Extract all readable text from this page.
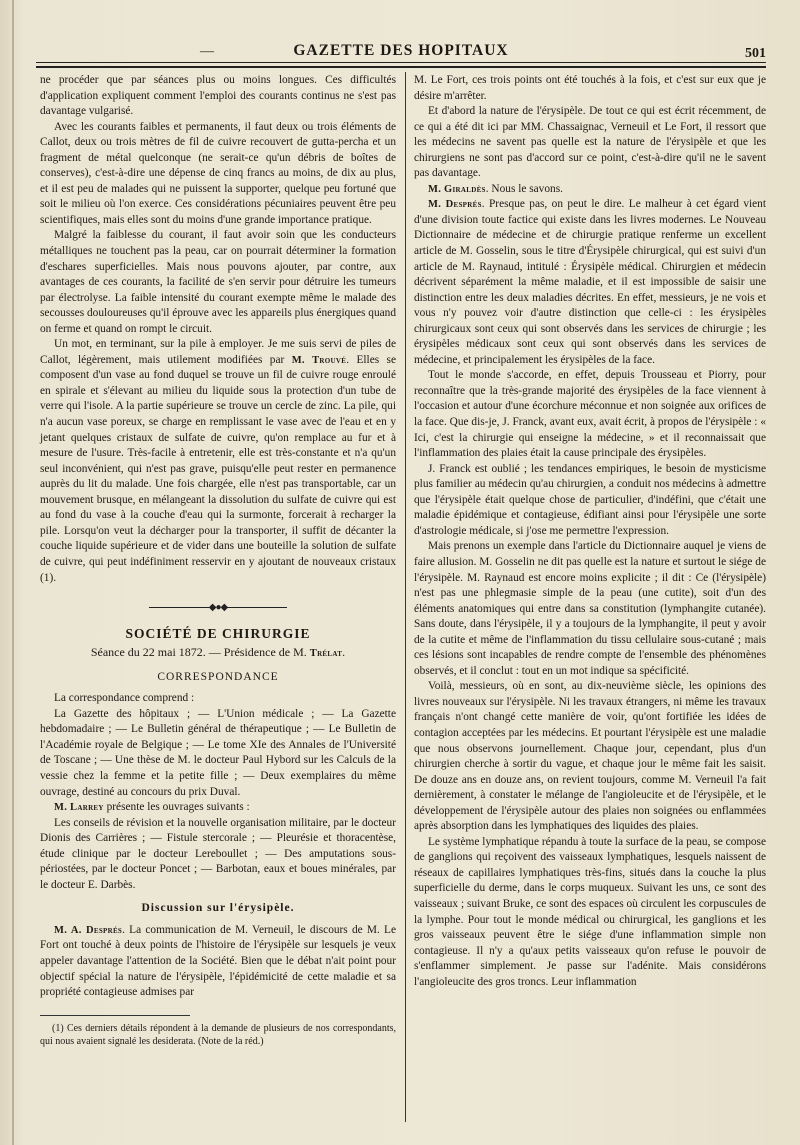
—	GAZETTE DES HOPITAUX	501

ne procéder que par séances plus ou moins longues. Ces difficultés d'application expliquent comment l'emploi des courants continus ne s'est pas davantage vulgarisé.

Avec les courants faibles et permanents, il faut deux ou trois éléments de Callot, deux ou trois mètres de fil de cuivre recouvert de gutta-percha et un fragment de métal quelconque (ne serait-ce qu'un débris de boîtes de conserves), c'est-à-dire une dépense de cinq francs au moins, de dix au plus, et il est peu de malades qui ne puissent la supporter, quelque peu fortuné que soit le milieu où l'on exerce. Ces considérations pécuniaires peuvent être peu scientifiques, mais elles sont du moins d'une grande importance pratique.

Malgré la faiblesse du courant, il faut avoir soin que les conducteurs métalliques ne touchent pas la peau, car on pourrait déterminer la formation d'eschares superficielles. Mais nous pouvons ajouter, par contre, aux avantages de ces courants, la facilité de s'en servir pour détruire les tumeurs par électrolyse. La faible intensité du courant exempte même le malade des secousses douloureuses qu'il éprouve avec les appareils plus énergiques quand on ferme et quand on rompt le circuit.

Un mot, en terminant, sur la pile à employer. Je me suis servi de piles de Callot, légèrement, mais utilement modifiées par M. Trouvé. Elles se composent d'un vase au fond duquel se trouve un fil de cuivre rouge enroulé en spirale et s'élevant au milieu du liquide sous la protection d'un tube de verre qui l'isole. A la partie supérieure se trouve un cercle de zinc. La pile, qui n'a aucun vase poreux, se charge en remplissant le vase avec de l'eau et en y jetant quelques cristaux de sulfate de cuivre, qu'on remplace au fur et à mesure de l'usure. Très-facile à entretenir, elle est très-constante et n'a qu'un seul inconvénient, qui n'est pas grave, puisqu'elle peut rester en permanence auprès du lit du malade. Une fois chargée, elle n'est pas transportable, car un mouvement brusque, en mélangeant la dissolution du sulfate de cuivre qui est au fond du vase à la couche d'eau qui la surmonte, forcerait à recharger la pile. Lorsqu'on veut la décharger pour la transporter, il suffit de décanter la couche liquide supérieure et de vider dans une bouteille la solution de sulfate de cuivre, qui peut indéfiniment resservir en y ajoutant de nouveaux cristaux (1).

◆●◆
SOCIÉTÉ DE CHIRURGIE
Séance du 22 mai 1872. — Présidence de M. Trélat.
CORRESPONDANCE

La correspondance comprend :

La Gazette des hôpitaux ; — L'Union médicale ; — La Gazette hebdomadaire ; — Le Bulletin général de thérapeutique ; — Le Bulletin de l'Académie royale de Belgique ; — Le tome XIe des Annales de l'Université de Toscane ; — Une thèse de M. le docteur Paul Hybord sur les Calculs de la vessie chez la femme et la petite fille ; — Deux exemplaires du même ouvrage, destiné au concours du prix Duval.

M. Larrey présente les ouvrages suivants :

Les conseils de révision et la nouvelle organisation militaire, par le docteur Dionis des Carrières ; — Fistule stercorale ; — Pleurésie et thoracentèse, étude clinique par le docteur Lereboullet ; — Des amputations sous-périostées, par le docteur Poncet ; — Barbotan, eaux et boues minérales, par le docteur E. Darbès.

Discussion sur l'érysipèle.

M. A. Després. La communication de M. Verneuil, le discours de M. Le Fort ont touché à deux points de l'histoire de l'érysipèle sur lesquels je veux appeler davantage l'attention de la Société. Bien que le débat n'ait point pour objectif spécial la nature de l'érysipèle, l'épidémicité de cette maladie et sa propriété contagieuse admises par

(1) Ces derniers détails répondent à la demande de plusieurs de nos correspondants, qui nous avaient signalé les desiderata. (Note de la réd.)

M. Le Fort, ces trois points ont été touchés à la fois, et c'est sur eux que je désire m'arrêter.

Et d'abord la nature de l'érysipèle. De tout ce qui est écrit récemment, de ce qui a été dit ici par MM. Chassaignac, Verneuil et Le Fort, il ressort que les médecins ne savent pas quelle est la nature de l'érysipèle et que les chirurgiens ne sont pas d'accord sur ce point, c'est-à-dire qu'il ne le savent pas davantage.

M. Giraldès. Nous le savons.

M. Després. Presque pas, on peut le dire. Le malheur à cet égard vient d'une division toute factice qui existe dans les livres modernes. Le Nouveau Dictionnaire de médecine et de chirurgie pratique renferme un excellent article de M. Gosselin, sous le titre d'Érysipèle chirurgical, qui est suivi d'un article de M. Raynaud, intitulé : Érysipèle médical. Chirurgien et médecin décrivent séparément la même maladie, et il est impossible de saisir une distinction entre les deux maladies décrites. En effet, messieurs, je ne vois et vous n'y pouvez voir d'autre distinction que celle-ci : les érysipèles chirurgicaux sont ceux qui sont observés dans les services de chirurgie ; les érysipèles médicaux sont ceux qui sont observés dans les services de médecine, et principalement les érysipèles de la face.

Tout le monde s'accorde, en effet, depuis Trousseau et Piorry, pour reconnaître que la très-grande majorité des érysipèles de la face viennent à l'occasion et autour d'une écorchure méconnue et non soignée aux orifices de la face. Que dis-je, J. Franck, avant eux, avait écrit, à propos de l'érysipèle : « Ici, c'est la chirurgie qui enseigne la médecine, » et il reconnaissait que l'inflammation des plaies était la cause principale des érysipèles.

J. Franck est oublié ; les tendances empiriques, le besoin de mysticisme plus familier au médecin qu'au chirurgien, a conduit nos médecins à admettre que l'érysipèle était quelque chose de particulier, d'indéfini, que c'était une maladie épidémique et contagieuse, édifiant ainsi pour l'érysipèle une sorte d'astrologie médicale, si j'ose me permettre l'expression.

Mais prenons un exemple dans l'article du Dictionnaire auquel je viens de faire allusion. M. Gosselin ne dit pas quelle est la nature et surtout le siége de l'érysipèle. M. Raynaud est encore moins explicite ; il dit : Ce (l'érysipèle) n'est pas une phlegmasie simple de la peau (une cutite), soit d'un des éléments anatomiques qui entre dans sa constitution (lymphangite cutanée). Sans doute, dans l'érysipèle, il y a toujours de la lymphangite, il peut y avoir de la cutite et même de l'inflammation du tissu cellulaire sous-cutané ; mais ces lésions sont incapables de rendre compte de l'ensemble des phénomènes observés, et il conclut : tout en un mot indique sa spécificité.

Voilà, messieurs, où en sont, au dix-neuvième siècle, les opinions des livres nouveaux sur l'érysipèle. Ni les travaux étrangers, ni même les travaux français n'ont changé cette manière de voir, qu'ont fortifiée les idées de contagion acceptées par les médecins. Et pourtant l'érysipèle est une maladie que nous observons journellement. Chaque jour, cependant, plus d'un chirurgien cherche à sortir du vague, et chaque jour le même fait les saisit. De douze ans en douze ans, on revient toujours, comme M. Verneuil l'a fait dernièrement, à constater le mélange de l'angioleucite et de l'érysipèle, et le développement de l'érysipèle autour des plaies non soignées ou enflammées après absorption dans les lymphatiques des liquides des plaies.

Le système lymphatique répandu à toute la surface de la peau, se compose de ganglions qui reçoivent des vaisseaux lymphatiques, lesquels naissent de réseaux de capillaires lymphatiques très-fins, situés dans la couche la plus superficielle du derme, dans le corps muqueux. Suivant les uns, ce sont des vaisseaux ; suivant Bruke, ce sont des espaces où circulent les corpuscules de la lymphe. Pour tout le monde médical ou chirurgical, les ganglions et les gros vaisseaux peuvent être le siége d'une inflammation simple non contagieuse. Il n'y a qu'aux petits vaisseaux qu'on refuse le pouvoir de s'enflammer simplement. Je passe sur l'adénite. Mais considérons l'angioleucite des gros troncs. Leur inflammation
